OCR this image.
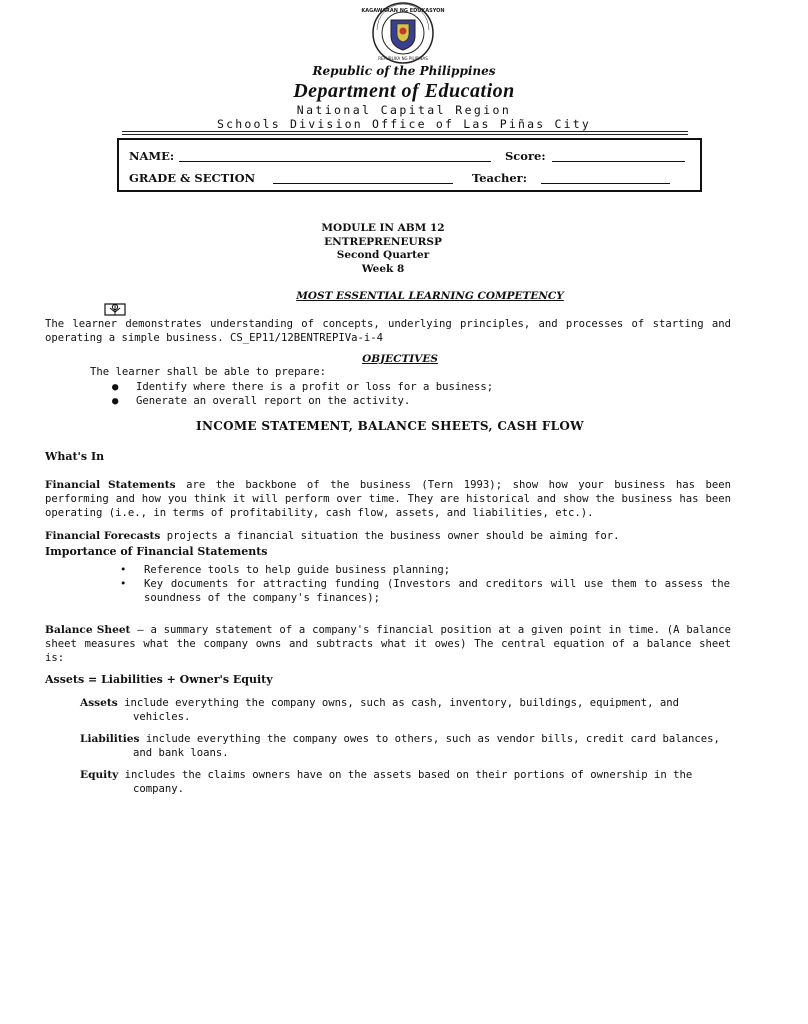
KAGAWARAN NG EDUKASYON
REPUBLIKA NG PILIPINAS
Republic of the Philippines
Department of Education
National Capital Region
Schools Division Office of Las Piñas City
NAME:	Score:
GRADE & SECTION	Teacher:
MODULE IN ABM 12
ENTREPRENEURSP
Second Quarter
Week 8
MOST ESSENTIAL LEARNING COMPETENCY
The learner demonstrates understanding of concepts, underlying principles, and processes of starting and operating a simple business. CS_EP11/12BENTREPIVa-i-4
OBJECTIVES
The learner shall be able to prepare:
● Identify where there is a profit or loss for a business;
● Generate an overall report on the activity.
INCOME STATEMENT, BALANCE SHEETS, CASH FLOW
What's In
Financial Statements are the backbone of the business (Tern 1993); show how your business has been performing and how you think it will perform over time. They are historical and show the business has been operating (i.e., in terms of profitability, cash flow, assets, and liabilities, etc.).
Financial Forecasts projects a financial situation the business owner should be aiming for.
Importance of Financial Statements
• Reference tools to help guide business planning;
• Key documents for attracting funding (Investors and creditors will use them to assess the soundness of the company's finances);
Balance Sheet – a summary statement of a company's financial position at a given point in time. (A balance sheet measures what the company owns and subtracts what it owes) The central equation of a balance sheet is:
Assets = Liabilities + Owner's Equity
Assets include everything the company owns, such as cash, inventory, buildings, equipment, and
vehicles.
Liabilities include everything the company owes to others, such as vendor bills, credit card balances,
and bank loans.
Equity includes the claims owners have on the assets based on their portions of ownership in the
company.
